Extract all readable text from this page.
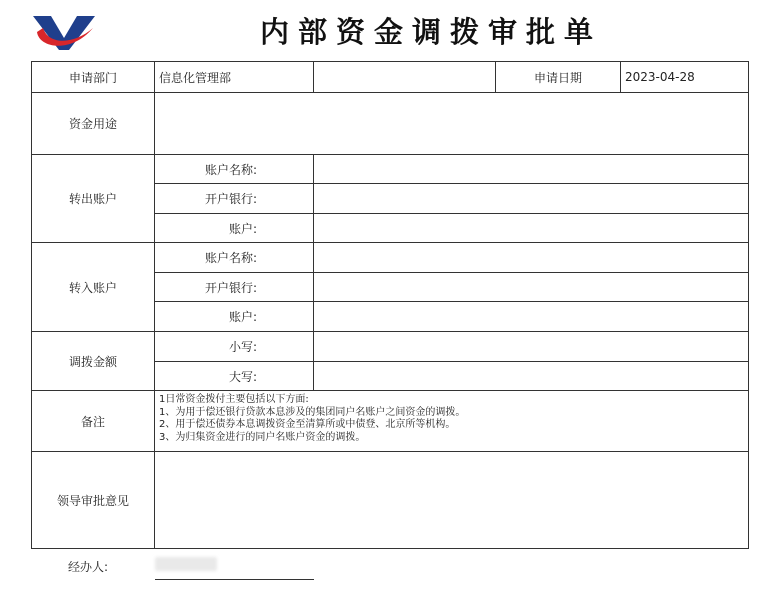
内部资金调拨审批单
申请部门	信息化管理部		申请日期	2023-04-28
资金用途				
转出账户	账户名称:			
	开户银行:			
	账户:			
转入账户	账户名称:			
	开户银行:			
	账户:			
调拨金额	小写:			
	大写:			
备注	1日常资金拨付主要包括以下方面:
1、为用于偿还银行贷款本息涉及的集团同户名账户之间资金的调拨。
2、用于偿还债券本息调拨资金至清算所或中债登、北京所等机构。
3、为归集资金进行的同户名账户资金的调拨。			

领导审批意见				
经办人:
